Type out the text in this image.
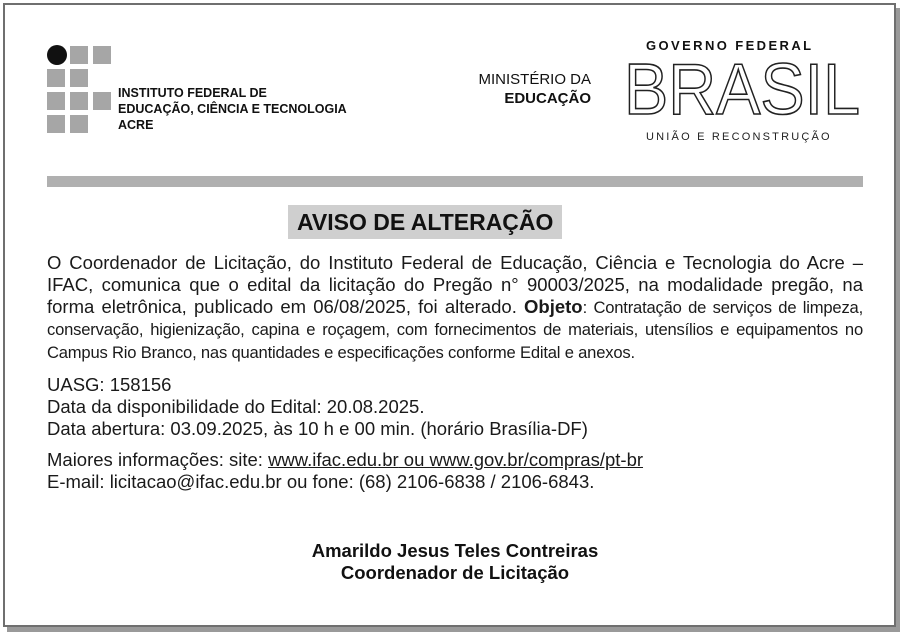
INSTITUTO FEDERAL DE
EDUCAÇÃO, CIÊNCIA E TECNOLOGIA
ACRE
MINISTÉRIO DA
EDUCAÇÃO
GOVERNO FEDERAL
BRASIL
UNIÃO E RECONSTRUÇÃO
AVISO DE ALTERAÇÃO
O Coordenador de Licitação, do Instituto Federal de Educação, Ciência e Tecnologia do Acre – IFAC, comunica que o edital da licitação do Pregão n° 90003/2025, na modalidade pregão, na forma eletrônica, publicado em 06/08/2025, foi alterado. Objeto: Contratação de serviços de limpeza, conservação, higienização, capina e roçagem, com fornecimentos de materiais, utensílios e equipamentos no Campus Rio Branco, nas quantidades e especificações conforme Edital e anexos.
UASG: 158156
Data da disponibilidade do Edital: 20.08.2025.
Data abertura: 03.09.2025, às 10 h e 00 min. (horário Brasília-DF)
Maiores informações: site: www.ifac.edu.br ou www.gov.br/compras/pt-br
E-mail: licitacao@ifac.edu.br ou fone: (68) 2106-6838 / 2106-6843.
Amarildo Jesus Teles Contreiras
Coordenador de Licitação
